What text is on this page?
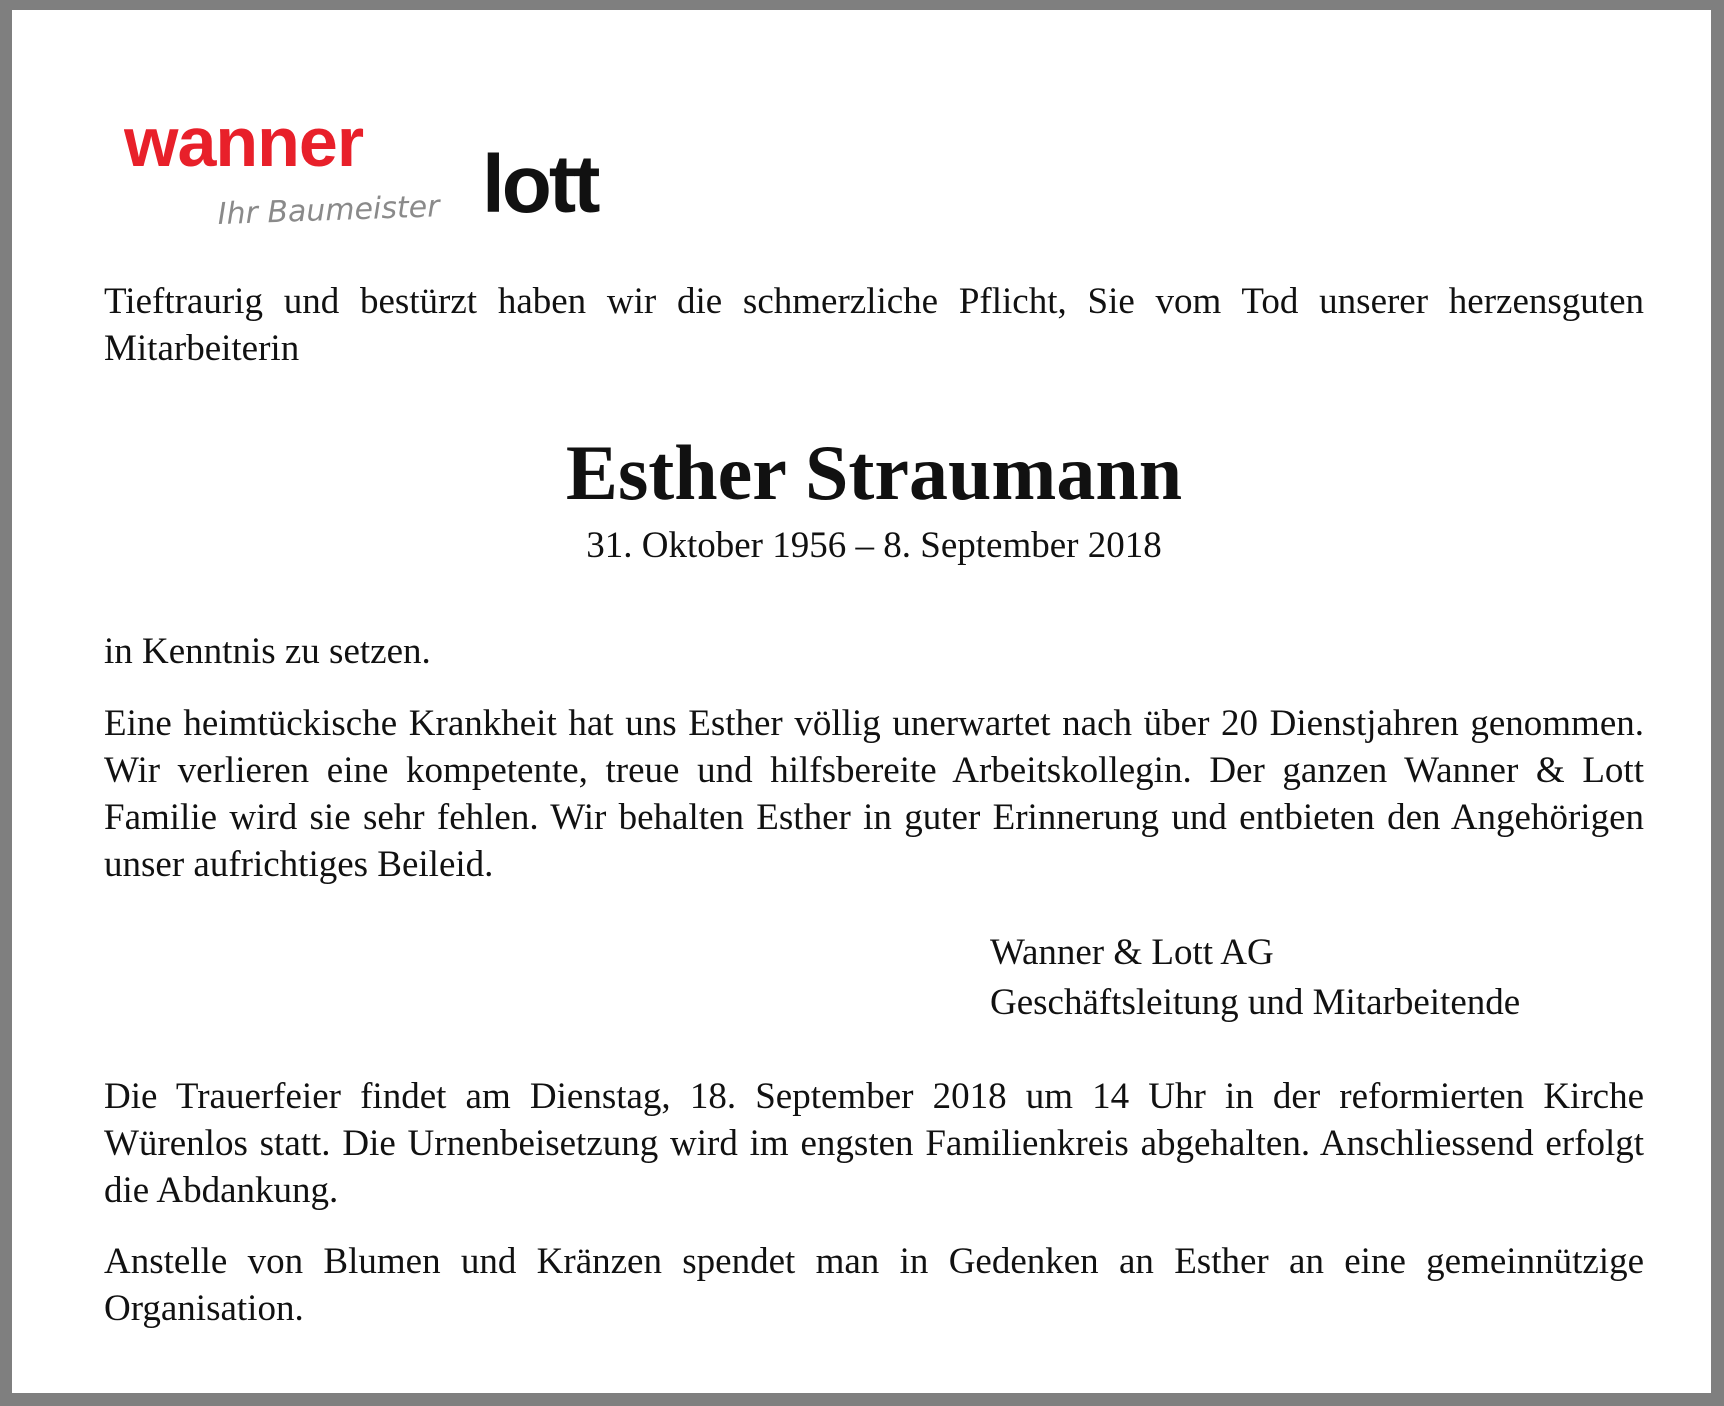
wanner lott
Ihr Baumeister

Tieftraurig und bestürzt haben wir die schmerzliche Pflicht, Sie vom Tod unserer herzensguten Mitarbeiterin

Esther Straumann

31. Oktober 1956 – 8. September 2018

in Kenntnis zu setzen.

Eine heimtückische Krankheit hat uns Esther völlig unerwartet nach über 20 Dienstjahren genommen. Wir verlieren eine kompetente, treue und hilfsbereite Arbeitskollegin. Der ganzen Wanner & Lott Familie wird sie sehr fehlen. Wir behalten Esther in guter Erinnerung und entbieten den Angehörigen unser aufrichtiges Beileid.

Wanner & Lott AG
Geschäftsleitung und Mitarbeitende

Die Trauerfeier findet am Dienstag, 18. September 2018 um 14 Uhr in der reformierten Kirche Würenlos statt. Die Urnenbeisetzung wird im engsten Familienkreis abgehalten. Anschliessend erfolgt die Abdankung.

Anstelle von Blumen und Kränzen spendet man in Gedenken an Esther an eine gemeinnützige Organisation.
